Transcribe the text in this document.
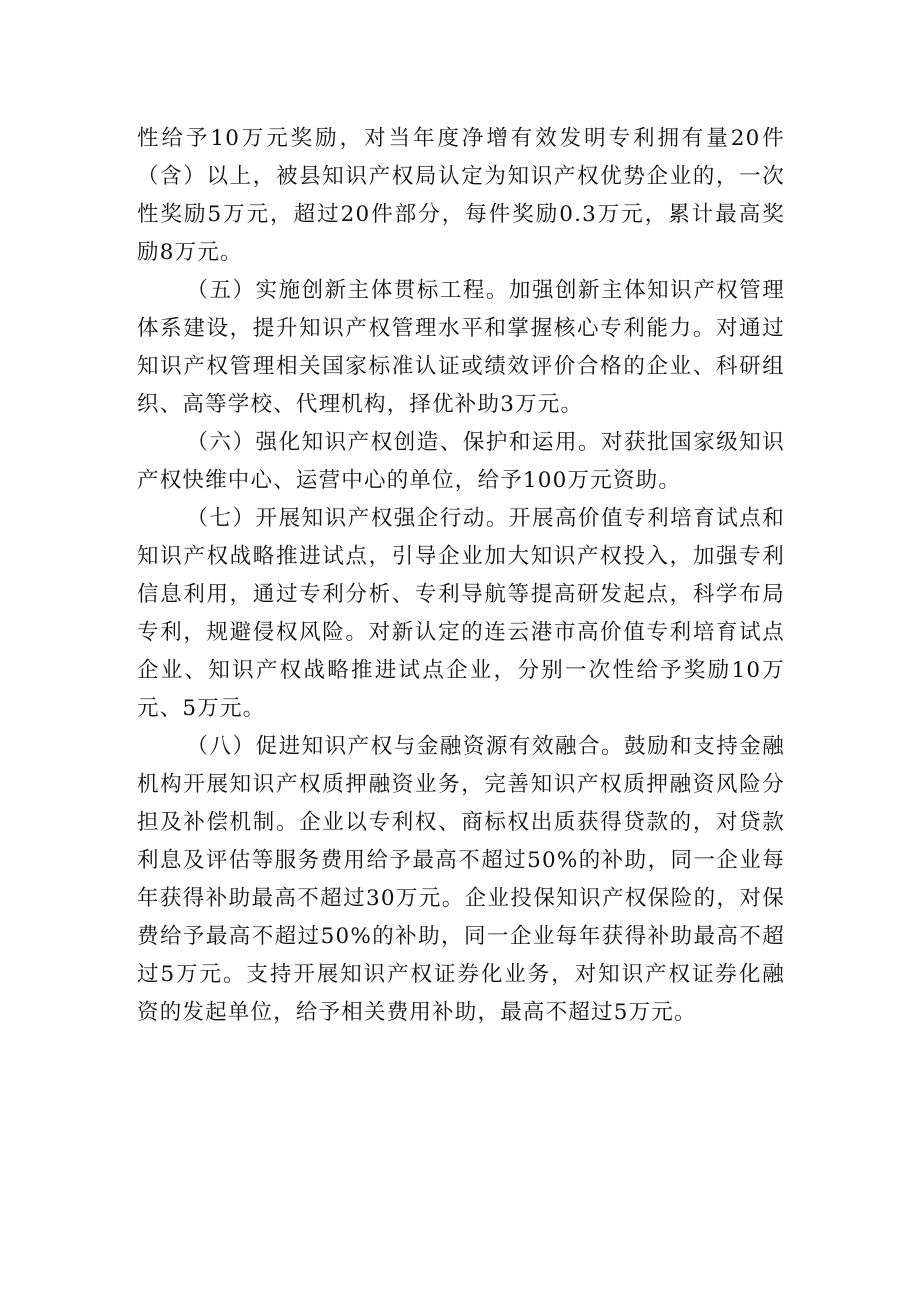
性给予10万元奖励，对当年度净增有效发明专利拥有量20件（含）以上，被县知识产权局认定为知识产权优势企业的，一次性奖励5万元，超过20件部分，每件奖励0.3万元，累计最高奖励8万元。

（五）实施创新主体贯标工程。加强创新主体知识产权管理体系建设，提升知识产权管理水平和掌握核心专利能力。对通过知识产权管理相关国家标准认证或绩效评价合格的企业、科研组织、高等学校、代理机构，择优补助3万元。

（六）强化知识产权创造、保护和运用。对获批国家级知识产权快维中心、运营中心的单位，给予100万元资助。

（七）开展知识产权强企行动。开展高价值专利培育试点和知识产权战略推进试点，引导企业加大知识产权投入，加强专利信息利用，通过专利分析、专利导航等提高研发起点，科学布局专利，规避侵权风险。对新认定的连云港市高价值专利培育试点企业、知识产权战略推进试点企业，分别一次性给予奖励10万元、5万元。

（八）促进知识产权与金融资源有效融合。鼓励和支持金融机构开展知识产权质押融资业务，完善知识产权质押融资风险分担及补偿机制。企业以专利权、商标权出质获得贷款的，对贷款利息及评估等服务费用给予最高不超过50%的补助，同一企业每年获得补助最高不超过30万元。企业投保知识产权保险的，对保费给予最高不超过50%的补助，同一企业每年获得补助最高不超过5万元。支持开展知识产权证券化业务，对知识产权证券化融资的发起单位，给予相关费用补助，最高不超过5万元。
